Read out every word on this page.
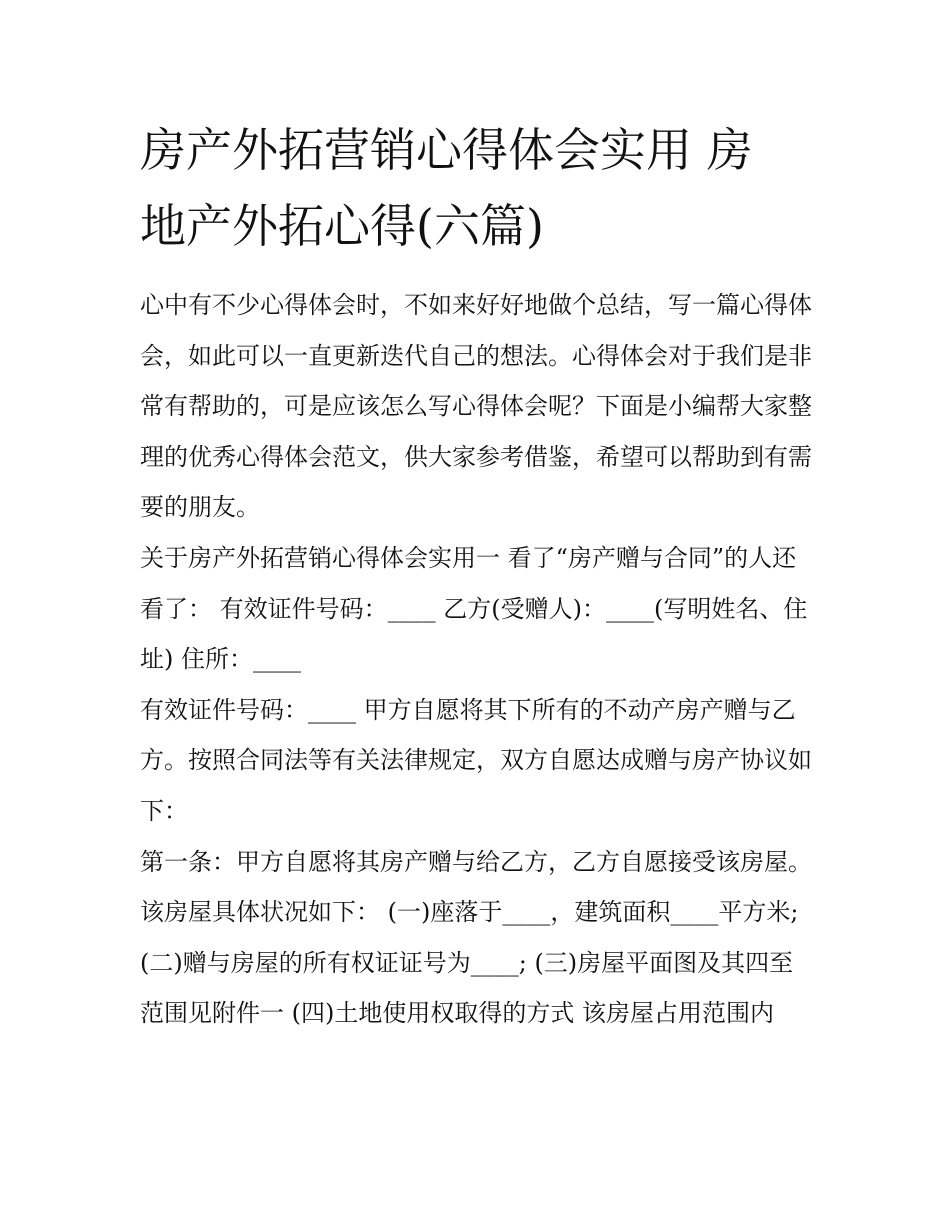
房产外拓营销心得体会实用 房
地产外拓心得(六篇)

心中有不少心得体会时，不如来好好地做个总结，写一篇心得体会，如此可以一直更新迭代自己的想法。心得体会对于我们是非常有帮助的，可是应该怎么写心得体会呢？下面是小编帮大家整理的优秀心得体会范文，供大家参考借鉴，希望可以帮助到有需要的朋友。

关于房产外拓营销心得体会实用一 看了“房产赠与合同”的人还看了： 有效证件号码：____ 乙方(受赠人)：____(写明姓名、住址) 住所：____

有效证件号码：____ 甲方自愿将其下所有的不动产房产赠与乙方。按照合同法等有关法律规定，双方自愿达成赠与房产协议如下：

第一条：甲方自愿将其房产赠与给乙方，乙方自愿接受该房屋。该房屋具体状况如下： (一)座落于____，建筑面积____平方米;

(二)赠与房屋的所有权证证号为____; (三)房屋平面图及其四至范围见附件一 (四)土地使用权取得的方式 该房屋占用范围内
